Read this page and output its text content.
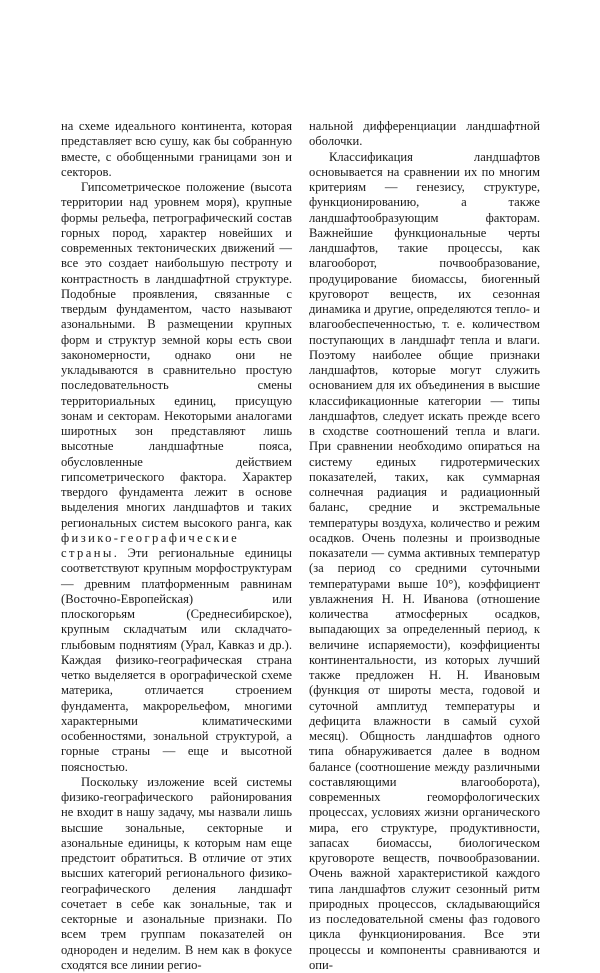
на схеме идеального континента, которая представляет всю сушу, как бы собранную вместе, с обобщенными границами зон и секторов.

Гипсометрическое положение (высота территории над уровнем моря), крупные формы рельефа, петрографический состав горных пород, характер новейших и современных тектонических движений — все это создает наибольшую пестроту и контрастность в ландшафтной структуре. Подобные проявления, связанные с твердым фундаментом, часто называют азональными. В размещении крупных форм и структур земной коры есть свои закономерности, однако они не укладываются в сравнительно простую последовательность смены территориальных единиц, присущую зонам и секторам. Некоторыми аналогами широтных зон представляют лишь высотные ландшафтные пояса, обусловленные действием гипсометрического фактора. Характер твердого фундамента лежит в основе выделения многих ландшафтов и таких региональных систем высокого ранга, как физико-географические страны. Эти региональные единицы соответствуют крупным морфоструктурам — древним платформенным равнинам (Восточно-Европейская) или плоскогорьям (Среднесибирское), крупным складчатым или складчато-глыбовым поднятиям (Урал, Кавказ и др.). Каждая физико-географическая страна четко выделяется в орографической схеме материка, отличается строением фундамента, макрорельефом, многими характерными климатическими особенностями, зональной структурой, а горные страны — еще и высотной поясностью.

Поскольку изложение всей системы физико-географического районирования не входит в нашу задачу, мы назвали лишь высшие зональные, секторные и азональные единицы, к которым нам еще предстоит обратиться. В отличие от этих высших категорий регионального физико-географического деления ландшафт сочетает в себе как зональные, так и секторные и азональные признаки. По всем трем группам показателей он однороден и неделим. В нем как в фокусе сходятся все линии регио-

нальной дифференциации ландшафтной оболочки.

Классификация ландшафтов основывается на сравнении их по многим критериям — генезису, структуре, функционированию, а также ландшафтообразующим факторам. Важнейшие функциональные черты ландшафтов, такие процессы, как влагооборот, почвообразование, продуцирование биомассы, биогенный круговорот веществ, их сезонная динамика и другие, определяются тепло- и влагообеспеченностью, т. е. количеством поступающих в ландшафт тепла и влаги. Поэтому наиболее общие признаки ландшафтов, которые могут служить основанием для их объединения в высшие классификационные категории — типы ландшафтов, следует искать прежде всего в сходстве соотношений тепла и влаги. При сравнении необходимо опираться на систему единых гидротермических показателей, таких, как суммарная солнечная радиация и радиационный баланс, средние и экстремальные температуры воздуха, количество и режим осадков. Очень полезны и производные показатели — сумма активных температур (за период со средними суточными температурами выше 10°), коэффициент увлажнения Н. Н. Иванова (отношение количества атмосферных осадков, выпадающих за определенный период, к величине испаряемости), коэффициенты континентальности, из которых лучший также предложен Н. Н. Ивановым (функция от широты места, годовой и суточной амплитуд температуры и дефицита влажности в самый сухой месяц). Общность ландшафтов одного типа обнаруживается далее в водном балансе (соотношение между различными составляющими влагооборота), современных геоморфологических процессах, условиях жизни органического мира, его структуре, продуктивности, запасах биомассы, биологическом круговороте веществ, почвообразовании. Очень важной характеристикой каждого типа ландшафтов служит сезонный ритм природных процессов, складывающийся из последовательной смены фаз годового цикла функционирования. Все эти процессы и компоненты сравниваются и опи-
